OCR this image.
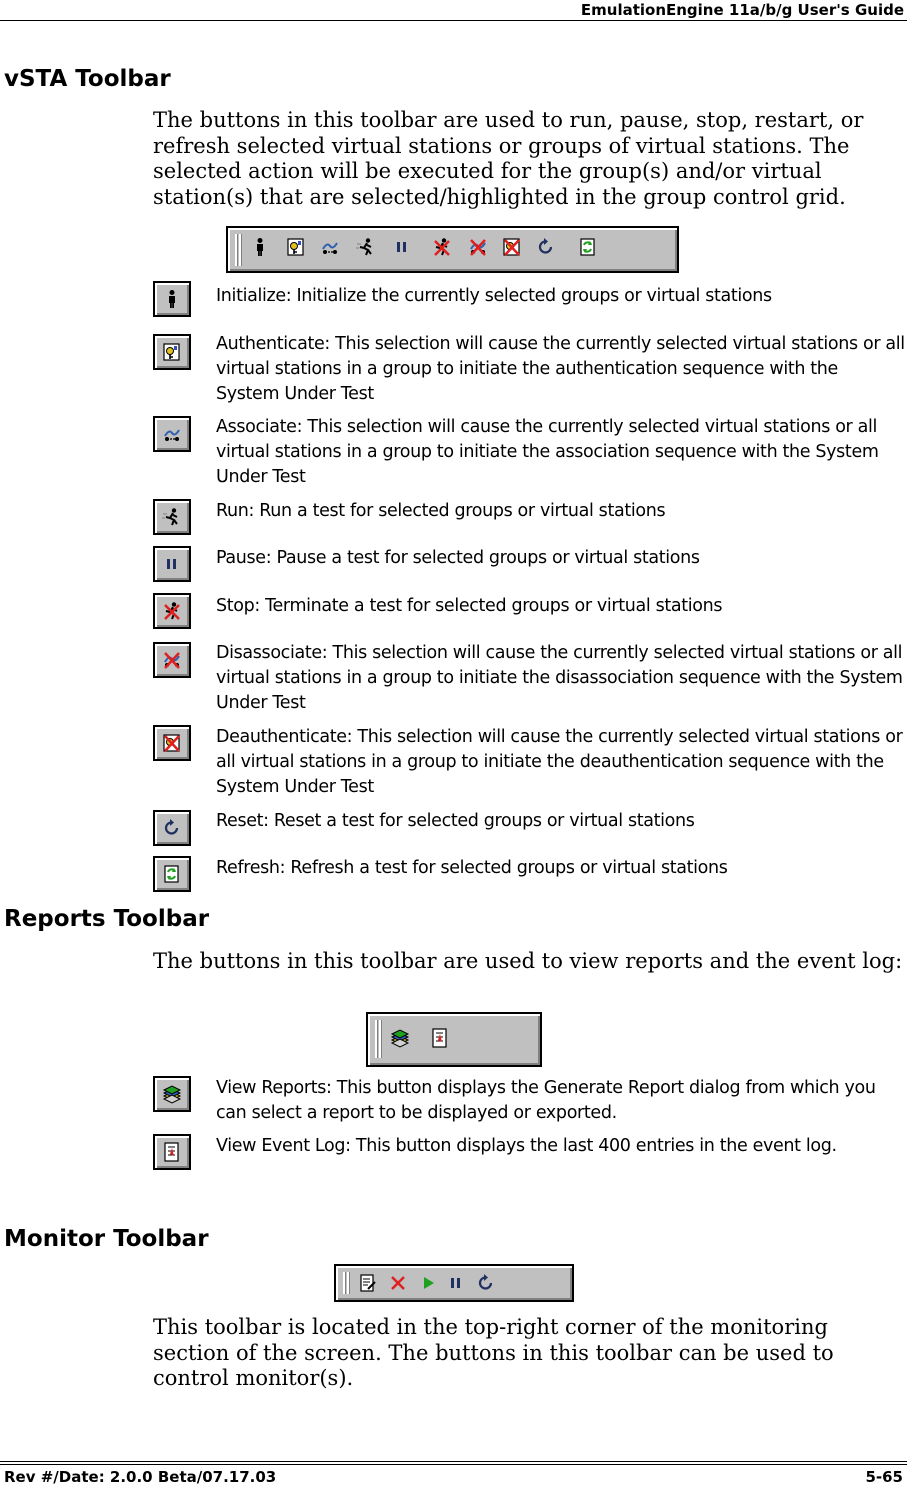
EmulationEngine 11a/b/g User's Guide
vSTA Toolbar
The buttons in this toolbar are used to run, pause, stop, restart, or refresh selected virtual stations or groups of virtual stations. The selected action will be executed for the group(s) and/or virtual station(s) that are selected/highlighted in the group control grid.
Initialize: Initialize the currently selected groups or virtual stations
Authenticate: This selection will cause the currently selected virtual stations or all virtual stations in a group to initiate the authentication sequence with the System Under Test
Associate: This selection will cause the currently selected virtual stations or all virtual stations in a group to initiate the association sequence with the System Under Test
Run: Run a test for selected groups or virtual stations
Pause: Pause a test for selected groups or virtual stations
Stop: Terminate a test for selected groups or virtual stations
Disassociate: This selection will cause the currently selected virtual stations or all virtual stations in a group to initiate the disassociation sequence with the System Under Test
Deauthenticate: This selection will cause the currently selected virtual stations or all virtual stations in a group to initiate the deauthentication sequence with the System Under Test
Reset: Reset a test for selected groups or virtual stations
Refresh: Refresh a test for selected groups or virtual stations
Reports Toolbar
The buttons in this toolbar are used to view reports and the event log:
View Reports: This button displays the Generate Report dialog from which you can select a report to be displayed or exported.
View Event Log: This button displays the last 400 entries in the event log.
Monitor Toolbar
This toolbar is located in the top-right corner of the monitoring section of the screen. The buttons in this toolbar can be used to control monitor(s).
Rev #/Date: 2.0.0 Beta/07.17.03	5-65
